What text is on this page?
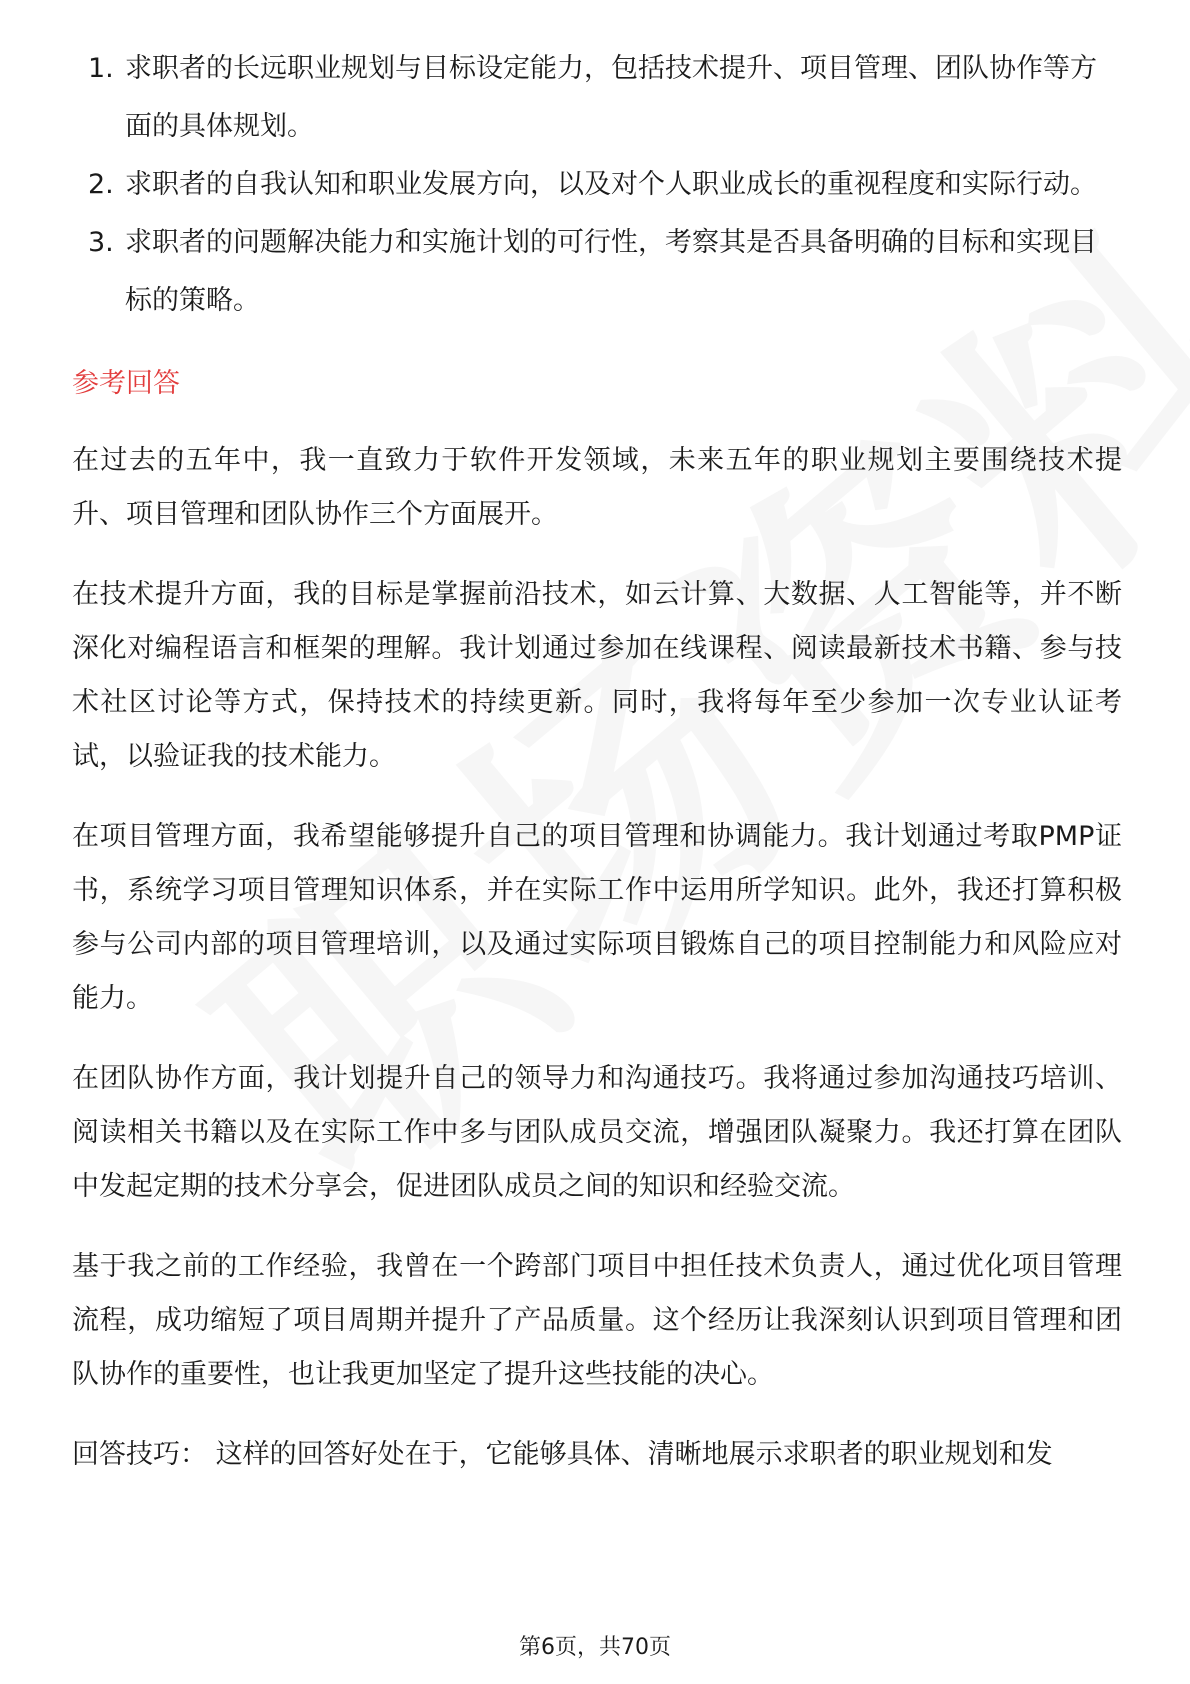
1. 求职者的长远职业规划与目标设定能力，包括技术提升、项目管理、团队协作等方面的具体规划。
2. 求职者的自我认知和职业发展方向，以及对个人职业成长的重视程度和实际行动。
3. 求职者的问题解决能力和实施计划的可行性，考察其是否具备明确的目标和实现目标的策略。
参考回答

在过去的五年中，我一直致力于软件开发领域，未来五年的职业规划主要围绕技术提升、项目管理和团队协作三个方面展开。

在技术提升方面，我的目标是掌握前沿技术，如云计算、大数据、人工智能等，并不断深化对编程语言和框架的理解。我计划通过参加在线课程、阅读最新技术书籍、参与技术社区讨论等方式，保持技术的持续更新。同时，我将每年至少参加一次专业认证考试，以验证我的技术能力。

在项目管理方面，我希望能够提升自己的项目管理和协调能力。我计划通过考取PMP证书，系统学习项目管理知识体系，并在实际工作中运用所学知识。此外，我还打算积极参与公司内部的项目管理培训，以及通过实际项目锻炼自己的项目控制能力和风险应对能力。

在团队协作方面，我计划提升自己的领导力和沟通技巧。我将通过参加沟通技巧培训、阅读相关书籍以及在实际工作中多与团队成员交流，增强团队凝聚力。我还打算在团队中发起定期的技术分享会，促进团队成员之间的知识和经验交流。

基于我之前的工作经验，我曾在一个跨部门项目中担任技术负责人，通过优化项目管理流程，成功缩短了项目周期并提升了产品质量。这个经历让我深刻认识到项目管理和团队协作的重要性，也让我更加坚定了提升这些技能的决心。

回答技巧： 这样的回答好处在于，它能够具体、清晰地展示求职者的职业规划和发

第6页，共70页
